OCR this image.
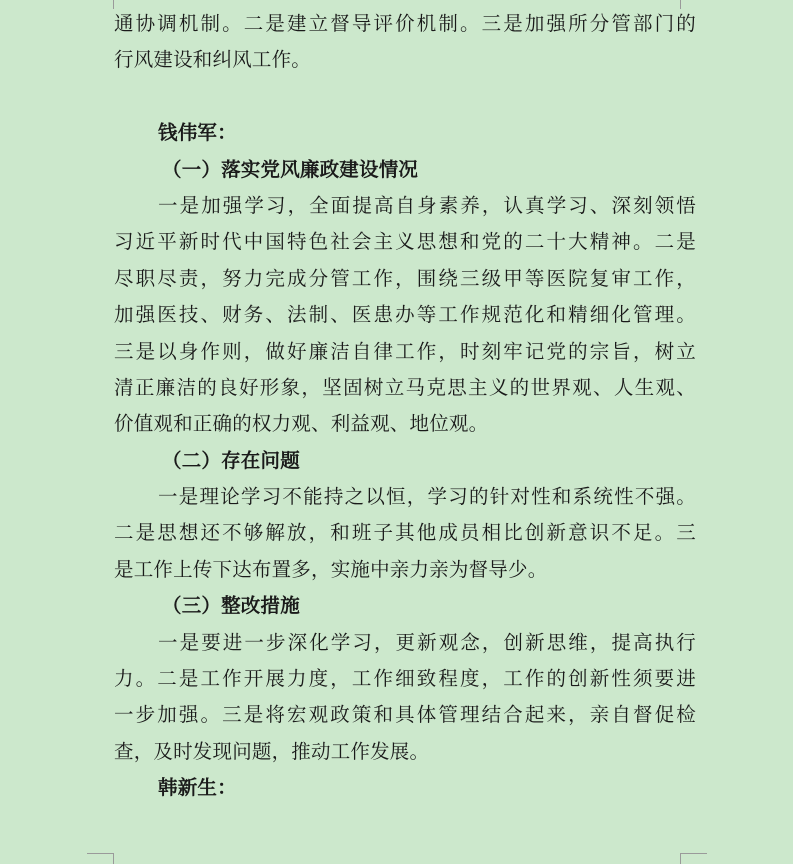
通协调机制。二是建立督导评价机制。三是加强所分管部门的
行风建设和纠风工作。
钱伟军：
（一）落实党风廉政建设情况
一是加强学习，全面提高自身素养，认真学习、深刻领悟
习近平新时代中国特色社会主义思想和党的二十大精神。二是
尽职尽责，努力完成分管工作，围绕三级甲等医院复审工作，
加强医技、财务、法制、医患办等工作规范化和精细化管理。
三是以身作则，做好廉洁自律工作，时刻牢记党的宗旨，树立
清正廉洁的良好形象，坚固树立马克思主义的世界观、人生观、
价值观和正确的权力观、利益观、地位观。
（二）存在问题
一是理论学习不能持之以恒，学习的针对性和系统性不强。
二是思想还不够解放，和班子其他成员相比创新意识不足。三
是工作上传下达布置多，实施中亲力亲为督导少。
（三）整改措施
一是要进一步深化学习，更新观念，创新思维，提高执行
力。二是工作开展力度，工作细致程度，工作的创新性须要进
一步加强。三是将宏观政策和具体管理结合起来，亲自督促检
查，及时发现问题，推动工作发展。
韩新生：
